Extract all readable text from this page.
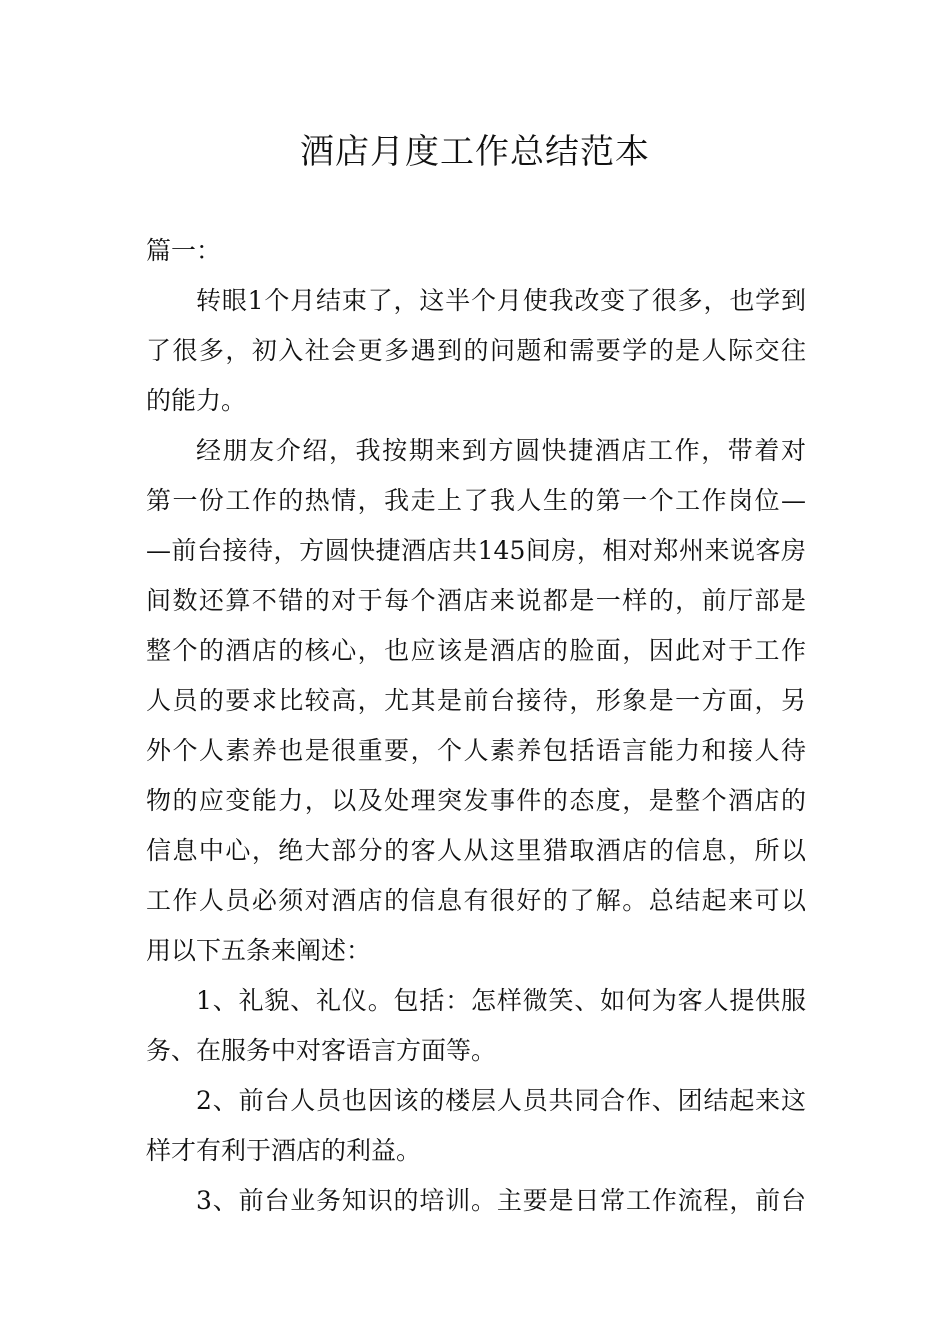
酒店月度工作总结范本
篇一：
转眼1个月结束了，这半个月使我改变了很多，也学到
了很多，初入社会更多遇到的问题和需要学的是人际交往
的能力。
经朋友介绍，我按期来到方圆快捷酒店工作，带着对
第一份工作的热情，我走上了我人生的第一个工作岗位—
—前台接待，方圆快捷酒店共145间房，相对郑州来说客房
间数还算不错的对于每个酒店来说都是一样的，前厅部是
整个的酒店的核心，也应该是酒店的脸面，因此对于工作
人员的要求比较高，尤其是前台接待，形象是一方面，另
外个人素养也是很重要，个人素养包括语言能力和接人待
物的应变能力，以及处理突发事件的态度，是整个酒店的
信息中心，绝大部分的客人从这里猎取酒店的信息，所以
工作人员必须对酒店的信息有很好的了解。总结起来可以
用以下五条来阐述：
1、礼貌、礼仪。包括：怎样微笑、如何为客人提供服
务、在服务中对客语言方面等。
2、前台人员也因该的楼层人员共同合作、团结起来这
样才有利于酒店的利益。
3、前台业务知识的培训。主要是日常工作流程，前台
